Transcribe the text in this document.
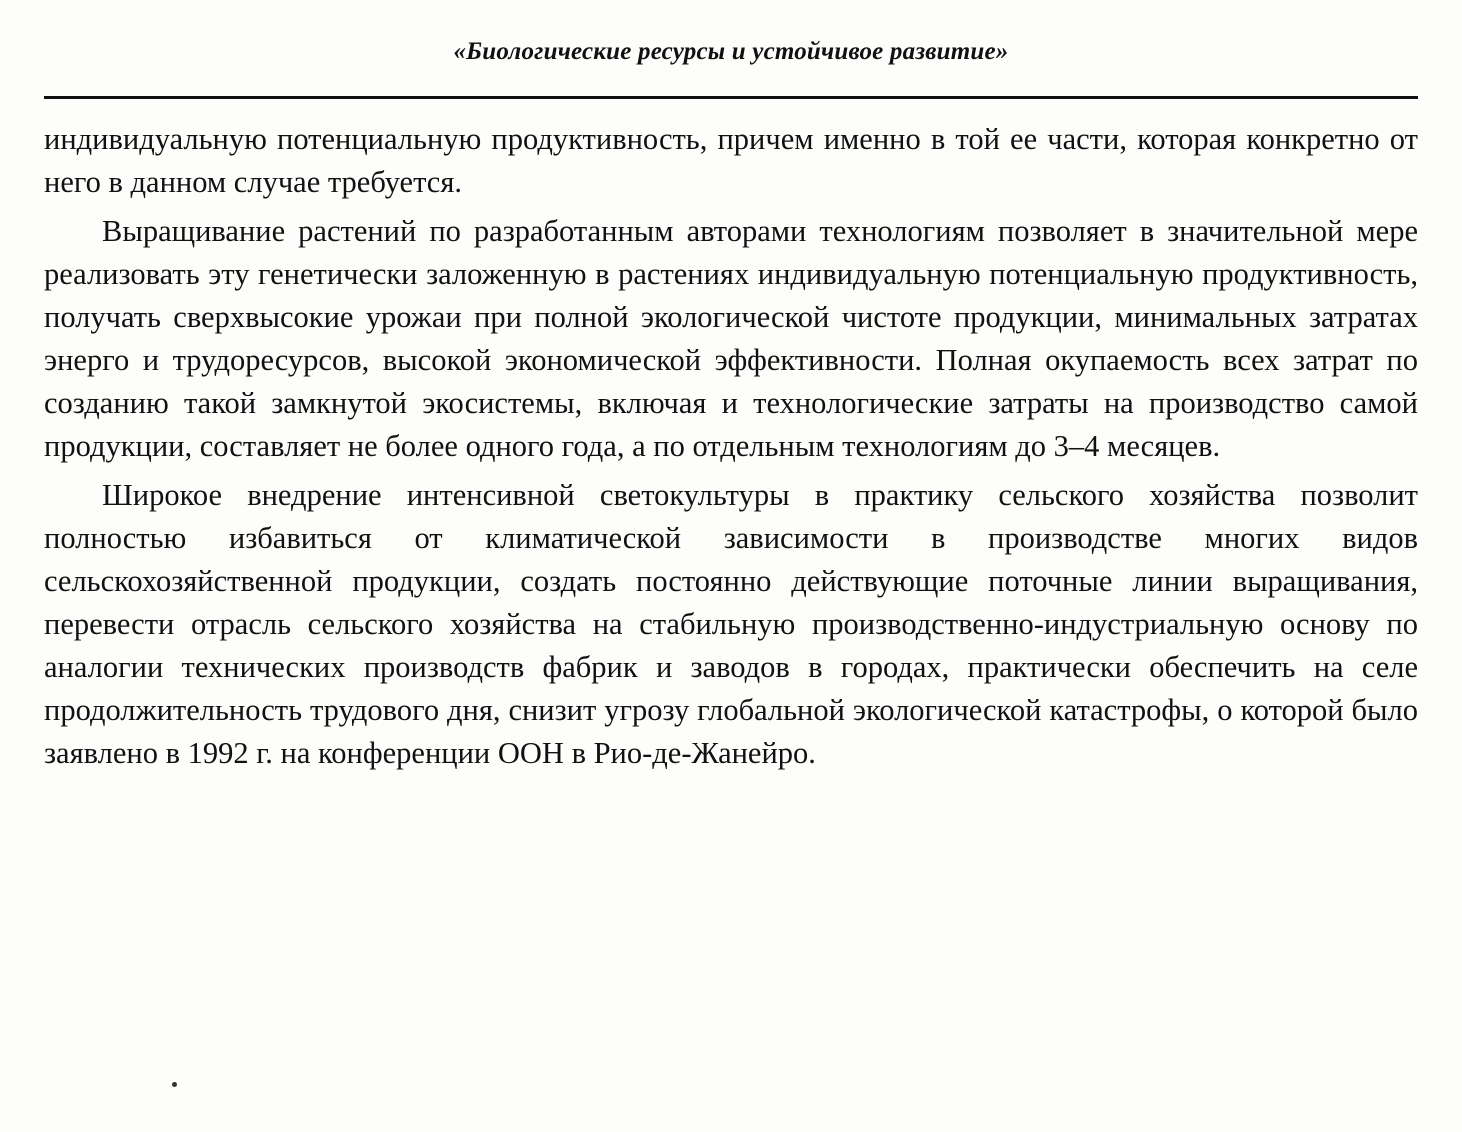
«Биологические ресурсы и устойчивое развитие»

индивидуальную потенциальную продуктивность, причем именно в той ее части, которая конкретно от него в данном случае требуется.

Выращивание растений по разработанным авторами технологиям позволяет в значительной мере реализовать эту генетически заложенную в растениях индивидуальную потенциальную продуктивность, получать сверхвысокие урожаи при полной экологической чистоте продукции, минимальных затратах энерго и трудоресурсов, высокой экономической эффективности. Полная окупаемость всех затрат по созданию такой замкнутой экосистемы, включая и технологические затраты на производство самой продукции, составляет не более одного года, а по отдельным технологиям до 3–4 месяцев.

Широкое внедрение интенсивной светокультуры в практику сельского хозяйства позволит полностью избавиться от климатической зависимости в производстве многих видов сельскохозяйственной продукции, создать постоянно действующие поточные линии выращивания, перевести отрасль сельского хозяйства на стабильную производственно-индустриальную основу по аналогии технических производств фабрик и заводов в городах, практически обеспечить на селе продолжительность трудового дня, снизит угрозу глобальной экологической катастрофы, о которой было заявлено в 1992 г. на конференции ООН в Рио-де-Жанейро.
